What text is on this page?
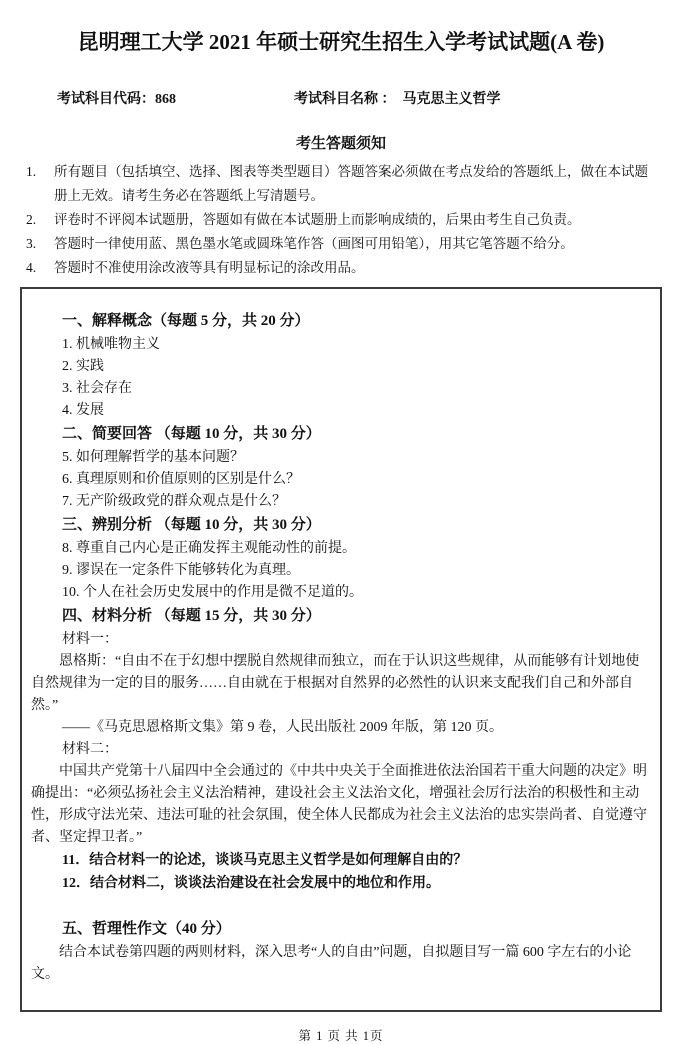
昆明理工大学 2021 年硕士研究生招生入学考试试题(A 卷)
考试科目代码：868	考试科目名称 ： 马克思主义哲学
考生答题须知
1.	所有题目（包括填空、选择、图表等类型题目）答题答案必须做在考点发给的答题纸上，做在本试题册上无效。请考生务必在答题纸上写清题号。
2.	评卷时不评阅本试题册，答题如有做在本试题册上而影响成绩的，后果由考生自己负责。
3.	答题时一律使用蓝、黑色墨水笔或圆珠笔作答（画图可用铅笔），用其它笔答题不给分。
4.	答题时不准使用涂改液等具有明显标记的涂改用品。
一、解释概念（每题 5 分，共 20 分）
1. 机械唯物主义
2. 实践
3. 社会存在
4. 发展
二、简要回答 （每题 10 分，共 30 分）
5. 如何理解哲学的基本问题？
6. 真理原则和价值原则的区别是什么？
7. 无产阶级政党的群众观点是什么？
三、辨别分析 （每题 10 分，共 30 分）
8. 尊重自己内心是正确发挥主观能动性的前提。
9. 谬误在一定条件下能够转化为真理。
10. 个人在社会历史发展中的作用是微不足道的。
四、材料分析 （每题 15 分，共 30 分）
材料一：
恩格斯：“自由不在于幻想中摆脱自然规律而独立，而在于认识这些规律，从而能够有计划地使自然规律为一定的目的服务……自由就在于根据对自然界的必然性的认识来支配我们自己和外部自然。”
——《马克思恩格斯文集》第 9 卷，人民出版社 2009 年版，第 120 页。
材料二：
中国共产党第十八届四中全会通过的《中共中央关于全面推进依法治国若干重大问题的决定》明确提出：“必须弘扬社会主义法治精神，建设社会主义法治文化，增强社会厉行法治的积极性和主动性，形成守法光荣、违法可耻的社会氛围，使全体人民都成为社会主义法治的忠实崇尚者、自觉遵守者、坚定捍卫者。”
11．结合材料一的论述，谈谈马克思主义哲学是如何理解自由的？
12．结合材料二，谈谈法治建设在社会发展中的地位和作用。
五、哲理性作文（40 分）
结合本试卷第四题的两则材料，深入思考“人的自由”问题，自拟题目写一篇 600 字左右的小论文。
第 1 页 共 1页
